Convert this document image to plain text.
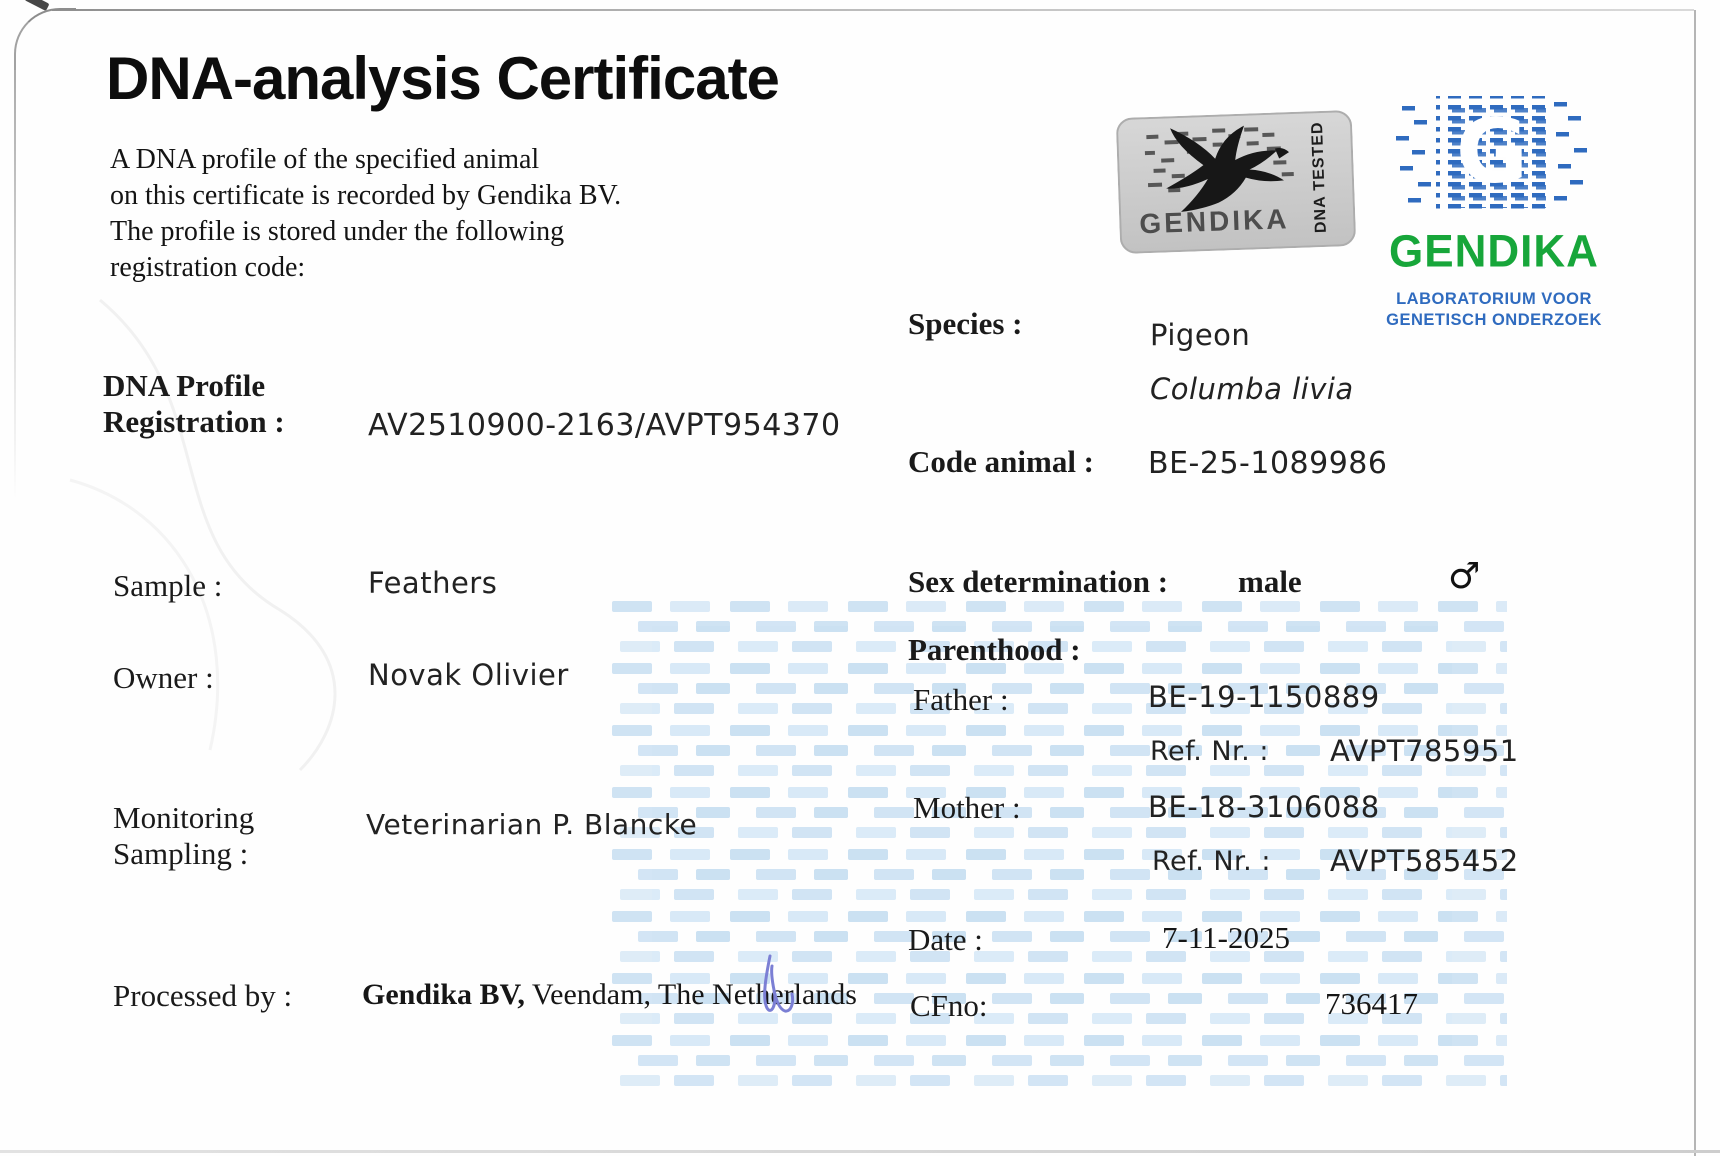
DNA-analysis Certificate
A DNA profile of the specified animal
on this certificate is recorded by Gendika BV.
The profile is stored under the following
registration code:
DNA Profile
Registration :	AV2510900-2163/AVPT954370
Sample :	Feathers
Owner :	Novak Olivier
Monitoring
Sampling :
Veterinarian P. Blancke
Processed by : Gendika BV, Veendam, The Netherlands
Species :	Pigeon
Columba livia
Code animal : BE-25-1089986
Sex determination : male	♂
Parenthood :
Father :	BE-19-1150889
Ref. Nr. : AVPT785951
Mother :	BE-18-3106088
Ref. Nr. : AVPT585452
Date :	7-11-2025
CFno:	736417
GENDIKA DNA TESTED G
GENDIKA
LABORATORIUM VOOR
GENETISCH ONDERZOEK
